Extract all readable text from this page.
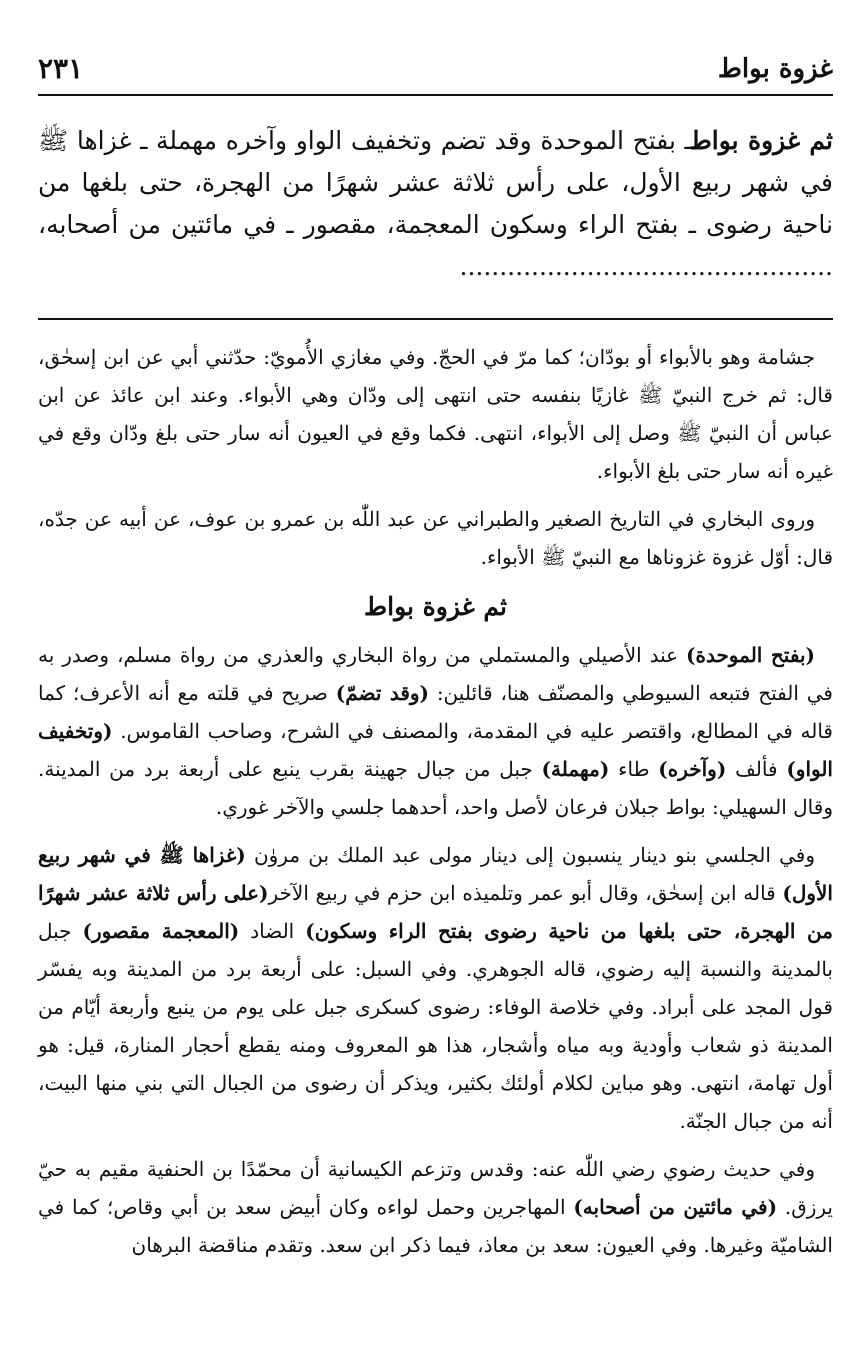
غزوة بواط
٢٣١

ثم غزوة بواطـ بفتح الموحدة وقد تضم وتخفيف الواو وآخره مهملة ـ غزاها ﷺ في شهر ربيع الأول، على رأس ثلاثة عشر شهرًا من الهجرة، حتى بلغها من ناحية رضوى ـ بفتح الراء وسكون المعجمة، مقصور ـ في مائتين من أصحابه، ...............................................

جشامة وهو بالأبواء أو بودّان؛ كما مرّ في الحجّ. وفي مغازي الأُمويّ: حدّثني أبي عن ابن إسحٰق، قال: ثم خرج النبيّ ﷺ غازيًا بنفسه حتى انتهى إلى ودّان وهي الأبواء. وعند ابن عائذ عن ابن عباس أن النبيّ ﷺ وصل إلى الأبواء، انتهى. فكما وقع في العيون أنه سار حتى بلغ ودّان وقع في غيره أنه سار حتى بلغ الأبواء.

وروى البخاري في التاريخ الصغير والطبراني عن عبد اللّٰه بن عمرو بن عوف، عن أبيه عن جدّه، قال: أوّل غزوة غزوناها مع النبيّ ﷺ الأبواء.

ثم غزوة بواط

(بفتح الموحدة) عند الأصيلي والمستملي من رواة البخاري والعذري من رواة مسلم، وصدر به في الفتح فتبعه السيوطي والمصنّف هنا، قائلين: (وقد تضمّ) صريح في قلته مع أنه الأعرف؛ كما قاله في المطالع، واقتصر عليه في المقدمة، والمصنف في الشرح، وصاحب القاموس. (وتخفيف الواو) فألف (وآخره) طاء (مهملة) جبل من جبال جهينة بقرب ينبع على أربعة برد من المدينة. وقال السهيلي: بواط جبلان فرعان لأصل واحد، أحدهما جلسي والآخر غوري.

وفي الجلسي بنو دينار ينسبون إلى دينار مولى عبد الملك بن مروٰن (غزاها ﷺ في شهر ربيع الأول) قاله ابن إسحٰق، وقال أبو عمر وتلميذه ابن حزم في ربيع الآخر(على رأس ثلاثة عشر شهرًا من الهجرة، حتى بلغها من ناحية رضوى بفتح الراء وسكون) الضاد (المعجمة مقصور) جبل بالمدينة والنسبة إليه رضوي، قاله الجوهري. وفي السبل: على أربعة برد من المدينة وبه يفسّر قول المجد على أبراد. وفي خلاصة الوفاء: رضوى كسكرى جبل على يوم من ينبع وأربعة أيّام من المدينة ذو شعاب وأودية وبه مياه وأشجار، هذا هو المعروف ومنه يقطع أحجار المنارة، قيل: هو أول تهامة، انتهى. وهو مباين لكلام أولئك بكثير، ويذكر أن رضوى من الجبال التي بني منها البيت، أنه من جبال الجنّة.

وفي حديث رضوي رضي اللّٰه عنه: وقدس وتزعم الكيسانية أن محمّدًا بن الحنفية مقيم به حيّ يرزق. (في مائتين من أصحابه) المهاجرين وحمل لواءه وكان أبيض سعد بن أبي وقاص؛ كما في الشاميّة وغيرها. وفي العيون: سعد بن معاذ، فيما ذكر ابن سعد. وتقدم مناقضة البرهان
